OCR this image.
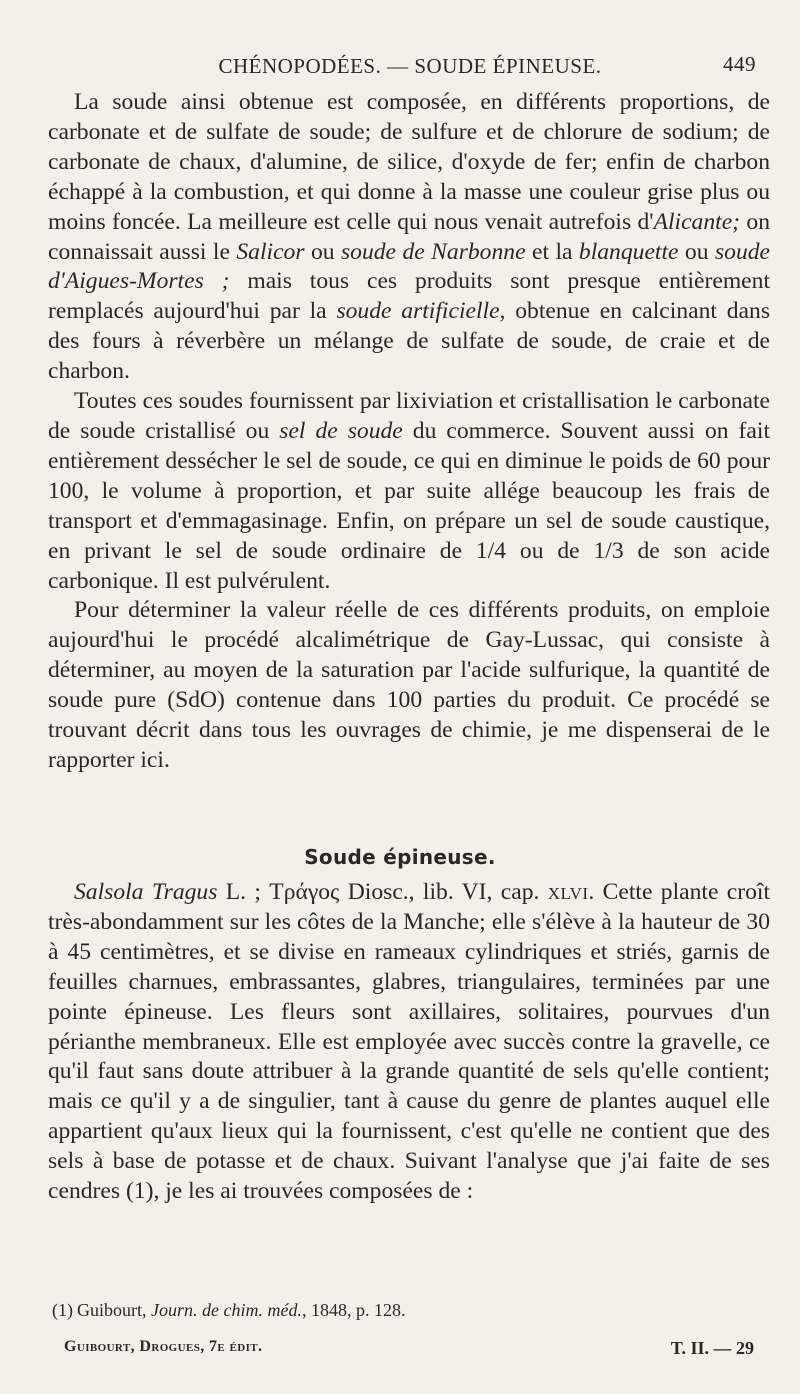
CHÉNOPODÉES. — SOUDE ÉPINEUSE.	449

La soude ainsi obtenue est composée, en différents proportions, de carbonate et de sulfate de soude; de sulfure et de chlorure de sodium; de carbonate de chaux, d'alumine, de silice, d'oxyde de fer; enfin de charbon échappé à la combustion, et qui donne à la masse une couleur grise plus ou moins foncée. La meilleure est celle qui nous venait autrefois d'Alicante; on connaissait aussi le Salicor ou soude de Narbonne et la blanquette ou soude d'Aigues-Mortes ; mais tous ces produits sont presque entièrement remplacés aujourd'hui par la soude artificielle, obtenue en calcinant dans des fours à réverbère un mélange de sulfate de soude, de craie et de charbon.

Toutes ces soudes fournissent par lixiviation et cristallisation le carbonate de soude cristallisé ou sel de soude du commerce. Souvent aussi on fait entièrement dessécher le sel de soude, ce qui en diminue le poids de 60 pour 100, le volume à proportion, et par suite allége beaucoup les frais de transport et d'emmagasinage. Enfin, on prépare un sel de soude caustique, en privant le sel de soude ordinaire de 1/4 ou de 1/3 de son acide carbonique. Il est pulvérulent.

Pour déterminer la valeur réelle de ces différents produits, on emploie aujourd'hui le procédé alcalimétrique de Gay-Lussac, qui consiste à déterminer, au moyen de la saturation par l'acide sulfurique, la quantité de soude pure (SdO) contenue dans 100 parties du produit. Ce procédé se trouvant décrit dans tous les ouvrages de chimie, je me dispenserai de le rapporter ici.

Soude épineuse.

Salsola Tragus L. ; Τράγος Diosc., lib. VI, cap. xlvi. Cette plante croît très-abondamment sur les côtes de la Manche; elle s'élève à la hauteur de 30 à 45 centimètres, et se divise en rameaux cylindriques et striés, garnis de feuilles charnues, embrassantes, glabres, triangulaires, terminées par une pointe épineuse. Les fleurs sont axillaires, solitaires, pourvues d'un périanthe membraneux. Elle est employée avec succès contre la gravelle, ce qu'il faut sans doute attribuer à la grande quantité de sels qu'elle contient; mais ce qu'il y a de singulier, tant à cause du genre de plantes auquel elle appartient qu'aux lieux qui la fournissent, c'est qu'elle ne contient que des sels à base de potasse et de chaux. Suivant l'analyse que j'ai faite de ses cendres (1), je les ai trouvées composées de :

(1) Guibourt, Journ. de chim. méd., 1848, p. 128.
Guibourt, Drogues, 7e édit.	T. II. — 29
